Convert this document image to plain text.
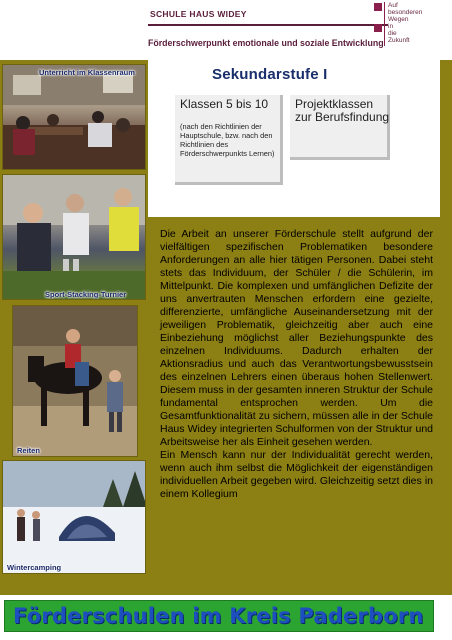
SCHULE HAUS WIDEY
Förderschwerpunkt emotionale und soziale Entwicklung
Auf
besonderen
Wegen
in
die
Zukunft
Unterricht im Klassenraum
Sport-Stacking-Turnier
Reiten
Wintercamping
Sekundarstufe I
Klassen 5 bis 10
(nach den Richtlinien der Hauptschule, bzw. nach den Richtlinien des Förderschwerpunkts Lernen)
Projektklassen zur Berufsfindung

Die Arbeit an unserer Förderschule stellt aufgrund der vielfältigen spezifischen Problematiken besondere Anforderungen an alle hier tätigen Personen. Dabei steht stets das Individuum, der Schüler / die Schülerin, im Mittelpunkt. Die komplexen und umfänglichen Defizite der uns anvertrauten Menschen erfordern eine gezielte, differenzierte, umfängliche Auseinandersetzung mit der jeweiligen Problematik, gleichzeitig aber auch eine Einbeziehung möglichst aller Beziehungspunkte des einzelnen Individuums. Dadurch erhalten der Aktionsradius und auch das Verantwortungsbewusstsein des einzelnen Lehrers einen überaus hohen Stellenwert. Diesem muss in der gesamten inneren Struktur der Schule fundamental entsprochen werden. Um die Gesamtfunktionalität zu sichern, müssen alle in der Schule Haus Widey integrierten Schulformen von der Struktur und Arbeitsweise her als Einheit gesehen werden.

Ein Mensch kann nur der Individualität gerecht werden, wenn auch ihm selbst die Möglichkeit der eigenständigen individuellen Arbeit gegeben wird. Gleichzeitig setzt dies in einem Kollegium

Förderschulen im Kreis Paderborn
